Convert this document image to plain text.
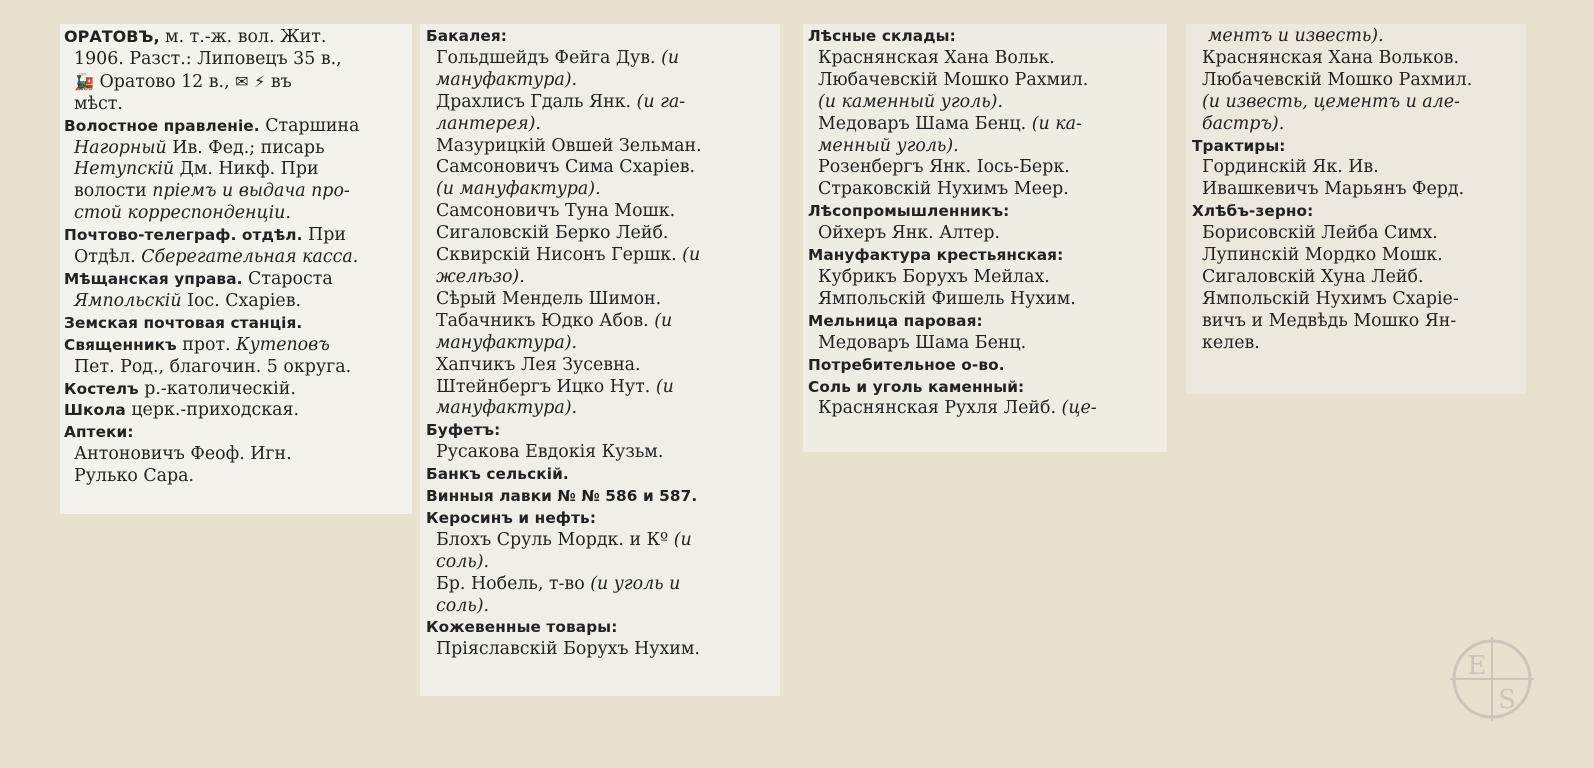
ОРАТОВЪ, м. т.-ж. вол. Жит.
1906. Разст.: Липовецъ 35 в.,
🚂 Оратово 12 в., ✉ ⚡ въ
мѣст.
Волостное правленіе. Старшина
Нагорный Ив. Фед.; писарь
Нетупскій Дм. Никф. При
волости пріемъ и выдача про-
стой корреспонденціи.
Почтово-телеграф. отдѣл. При
Отдѣл. Сберегательная касса.
Мѣщанская управа. Староста
Ямпольскій Іос. Схаріев.
Земская почтовая станція.
Священникъ прот. Кутеповъ
Пет. Род., благочин. 5 округа.
Костелъ р.-католическій.
Школа церк.-приходская.
Аптеки:
Антоновичъ Феоф. Игн.
Рулько Сара.
Бакалея:
Гольдшейдъ Фейга Дув. (и
мануфактура).
Драхлисъ Гдаль Янк. (и га-
лантерея).
Мазурицкій Овшей Зельман.
Самсоновичъ Сима Схаріев.
(и мануфактура).
Самсоновичъ Туна Мошк.
Сигаловскій Берко Лейб.
Сквирскій Нисонъ Гершк. (и
желѣзо).
Сѣрый Мендель Шимон.
Табачникъ Юдко Абов. (и
мануфактура).
Хапчикъ Лея Зусевна.
Штейнбергъ Ицко Нут. (и
мануфактура).
Буфетъ:
Русакова Евдокія Кузьм.
Банкъ сельскій.
Винныя лавки № № 586 и 587.
Керосинъ и нефть:
Блохъ Сруль Мордк. и Кº (и
соль).
Бр. Нобель, т-во (и уголь и
соль).
Кожевенные товары:
Пріяславскій Борухъ Нухим.
Лѣсные склады:
Краснянская Хана Вольк.
Любачевскій Мошко Рахмил.
(и каменный уголь).
Медоваръ Шама Бенц. (и ка-
менный уголь).
Розенбергъ Янк. Іось-Берк.
Страковскій Нухимъ Меер.
Лѣсопромышленникъ:
Ойхеръ Янк. Алтер.
Мануфактура крестьянская:
Кубрикъ Борухъ Мейлах.
Ямпольскій Фишель Нухим.
Мельница паровая:
Медоваръ Шама Бенц.
Потребительное о-во.
Соль и уголь каменный:
Краснянская Рухля Лейб. (це-
ментъ и известь).
Краснянская Хана Вольков.
Любачевскій Мошко Рахмил.
(и известь, цементъ и але-
бастръ).
Трактиры:
Гординскій Як. Ив.
Ивашкевичъ Марьянъ Ферд.
Хлѣбъ-зерно:
Борисовскій Лейба Симх.
Лупинскій Мордко Мошк.
Сигаловскій Хуна Лейб.
Ямпольскій Нухимъ Схаріе-
вичъ и Медвѣдь Мошко Ян-
келев.
E
S
